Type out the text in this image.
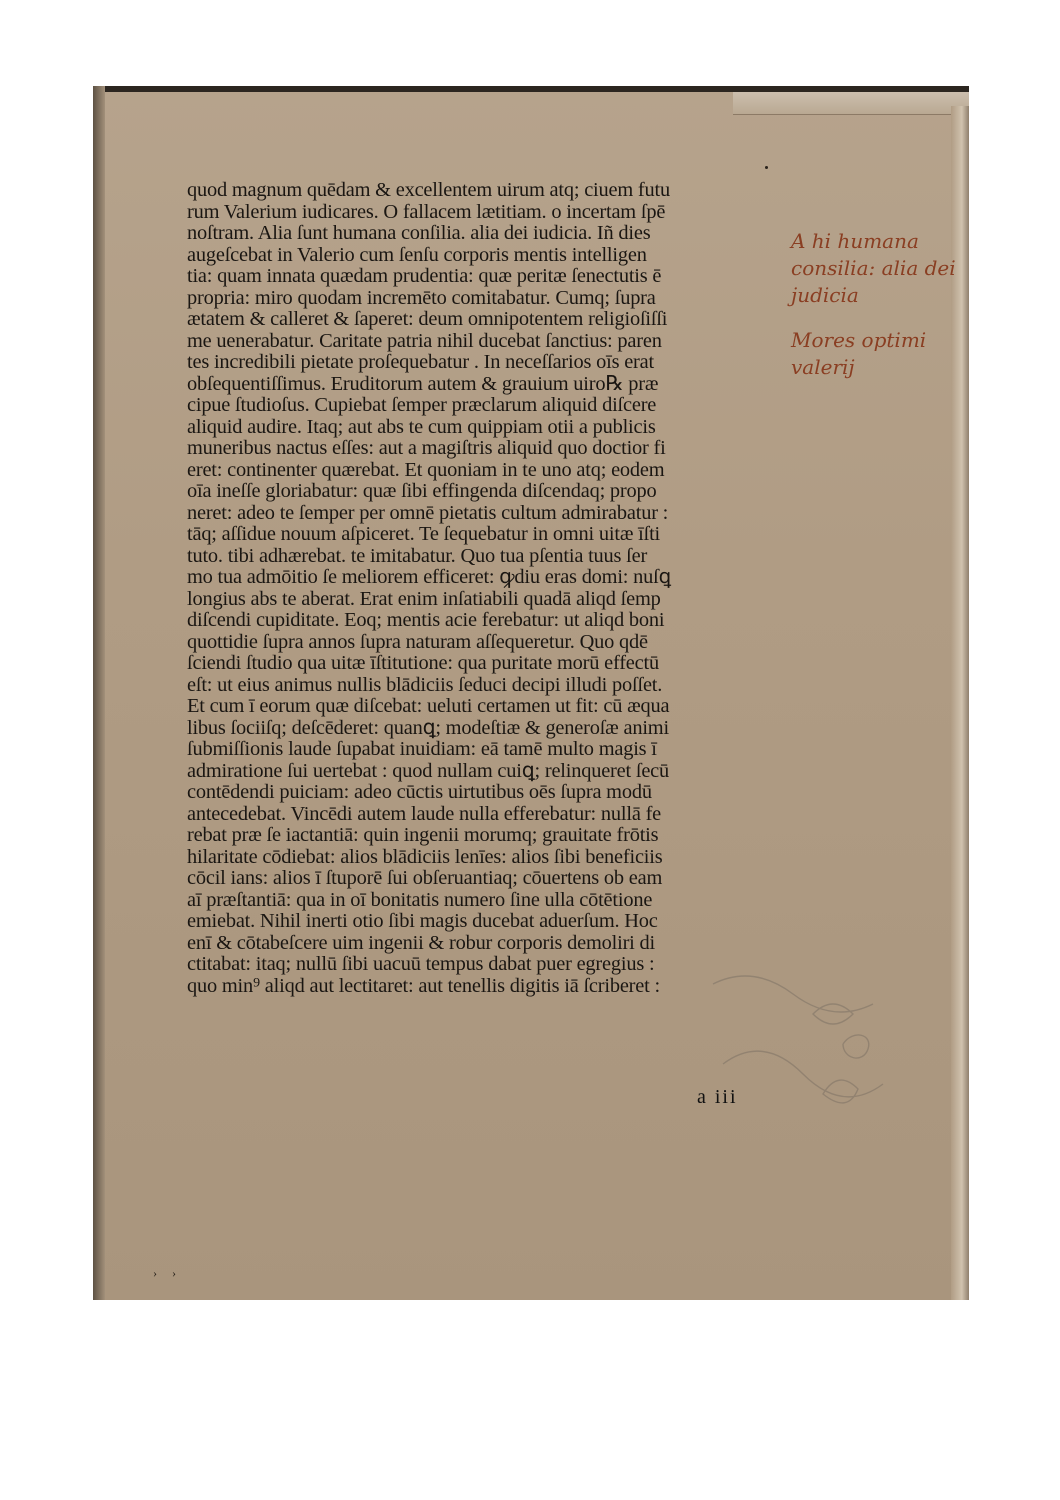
quod magnum quēdam & excellentem uirum atq; ciuem futu
rum Valerium iudicares. O fallacem lætitiam. o incertam ſpē
noſtram. Alia ſunt humana conſilia. alia dei iudicia. Iñ dies
augeſcebat in Valerio cum ſenſu corporis mentis intelligen
tia: quam innata quædam prudentia: quæ peritæ ſenectutis ē
propria: miro quodam incremēto comitabatur. Cumq; ſupra
ætatem & calleret & ſaperet: deum omnipotentem religioſiſſi
me uenerabatur. Caritate patria nihil ducebat ſanctius: paren
tes incredibili pietate proſequebatur . In neceſſarios oīs erat
obſequentiſſimus. Eruditorum autem & grauium uiro℞ præ
cipue ſtudioſus. Cupiebat ſemper præclarum aliquid diſcere
aliquid audire. Itaq; aut abs te cum quippiam otii a publicis
muneribus nactus eſſes: aut a magiſtris aliquid quo doctior fi
eret: continenter quærebat. Et quoniam in te uno atq; eodem
oīa ineſſe gloriabatur: quæ ſibi effingenda diſcendaq; propo
neret: adeo te ſemper per omnē pietatis cultum admirabatur :
tāq; aſſidue nouum aſpiceret. Te ſequebatur in omni uitæ īſti
tuto. tibi adhærebat. te imitabatur. Quo tua pſentia tuus ſer
mo tua admōitio ſe meliorem efficeret: ꝙdiu eras domi: nuſꝗ
longius abs te aberat. Erat enim inſatiabili quadā aliqd ſemp
diſcendi cupiditate. Eoq; mentis acie ferebatur: ut aliqd boni
quottidie ſupra annos ſupra naturam aſſequeretur. Quo qdē
ſciendi ſtudio qua uitæ īſtitutione: qua puritate morū effectū
eſt: ut eius animus nullis blādiciis ſeduci decipi illudi poſſet.
Et cum ī eorum quæ diſcebat: ueluti certamen ut fit: cū æqua
libus ſociiſq; deſcēderet: quanꝗ; modeſtiæ & generoſæ animi
ſubmiſſionis laude ſupabat inuidiam: eā tamē multo magis ī
admiratione ſui uertebat : quod nullam cuiꝗ; relinqueret ſecū
contēdendi puiciam: adeo cūctis uirtutibus oēs ſupra modū
antecedebat. Vincēdi autem laude nulla efferebatur: nullā fe
rebat præ ſe iactantiā: quin ingenii morumq; grauitate frōtis
hilaritate cōdiebat: alios blādiciis lenīes: alios ſibi beneficiis
cōcil ians: alios ī ſtuporē ſui obſeruantiaq; cōuertens ob eam
aī præſtantiā: qua in oī bonitatis numero ſine ulla cōtētione
emiebat. Nihil inerti otio ſibi magis ducebat aduerſum. Hoc
enī & cōtabeſcere uim ingenii & robur corporis demoliri di
ctitabat: itaq; nullū ſibi uacuū tempus dabat puer egregius :
quo min⁹ aliqd aut lectitaret: aut tenellis digitis iā ſcriberet :
a iii
A hi humana
consilia: alia dei
judicia
Mores optimi
valerij
› ›
